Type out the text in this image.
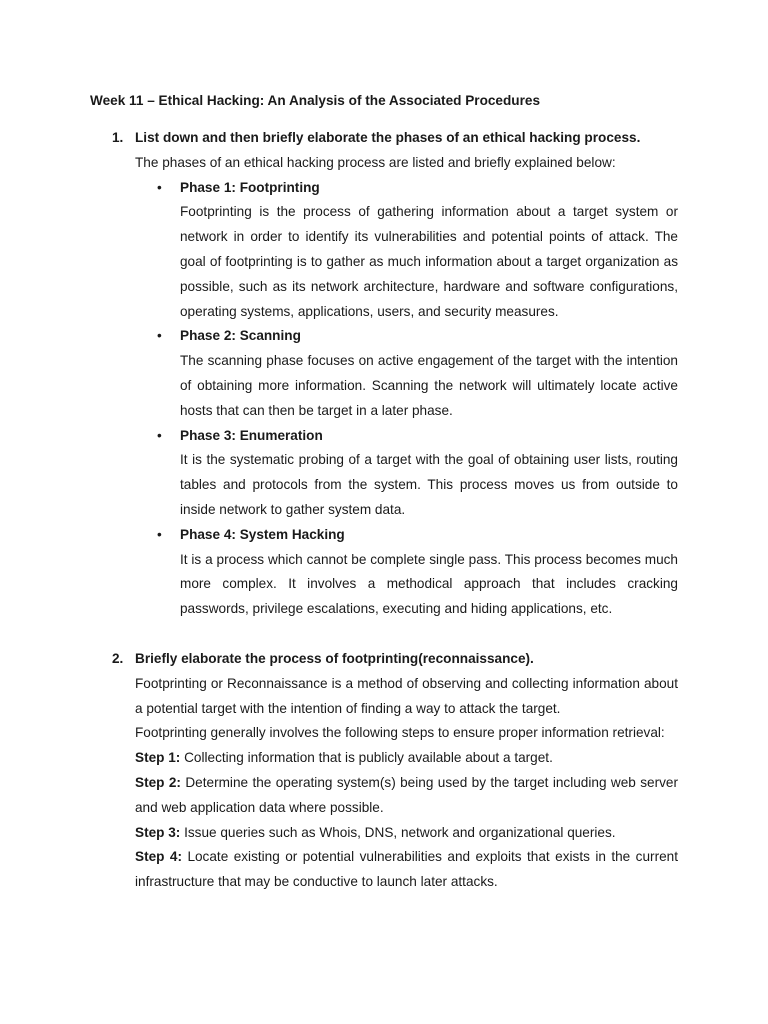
Week 11 – Ethical Hacking: An Analysis of the Associated Procedures
1. List down and then briefly elaborate the phases of an ethical hacking process.

The phases of an ethical hacking process are listed and briefly explained below:

• Phase 1: Footprinting
Footprinting is the process of gathering information about a target system or network in order to identify its vulnerabilities and potential points of attack. The goal of footprinting is to gather as much information about a target organization as possible, such as its network architecture, hardware and software configurations, operating systems, applications, users, and security measures.
• Phase 2: Scanning
The scanning phase focuses on active engagement of the target with the intention of obtaining more information. Scanning the network will ultimately locate active hosts that can then be target in a later phase.
• Phase 3: Enumeration
It is the systematic probing of a target with the goal of obtaining user lists, routing tables and protocols from the system. This process moves us from outside to inside network to gather system data.
• Phase 4: System Hacking
It is a process which cannot be complete single pass. This process becomes much more complex. It involves a methodical approach that includes cracking passwords, privilege escalations, executing and hiding applications, etc.
2. Briefly elaborate the process of footprinting(reconnaissance).

Footprinting or Reconnaissance is a method of observing and collecting information about a potential target with the intention of finding a way to attack the target.

Footprinting generally involves the following steps to ensure proper information retrieval:

Step 1: Collecting information that is publicly available about a target.

Step 2: Determine the operating system(s) being used by the target including web server and web application data where possible.

Step 3: Issue queries such as Whois, DNS, network and organizational queries.

Step 4: Locate existing or potential vulnerabilities and exploits that exists in the current infrastructure that may be conductive to launch later attacks.
